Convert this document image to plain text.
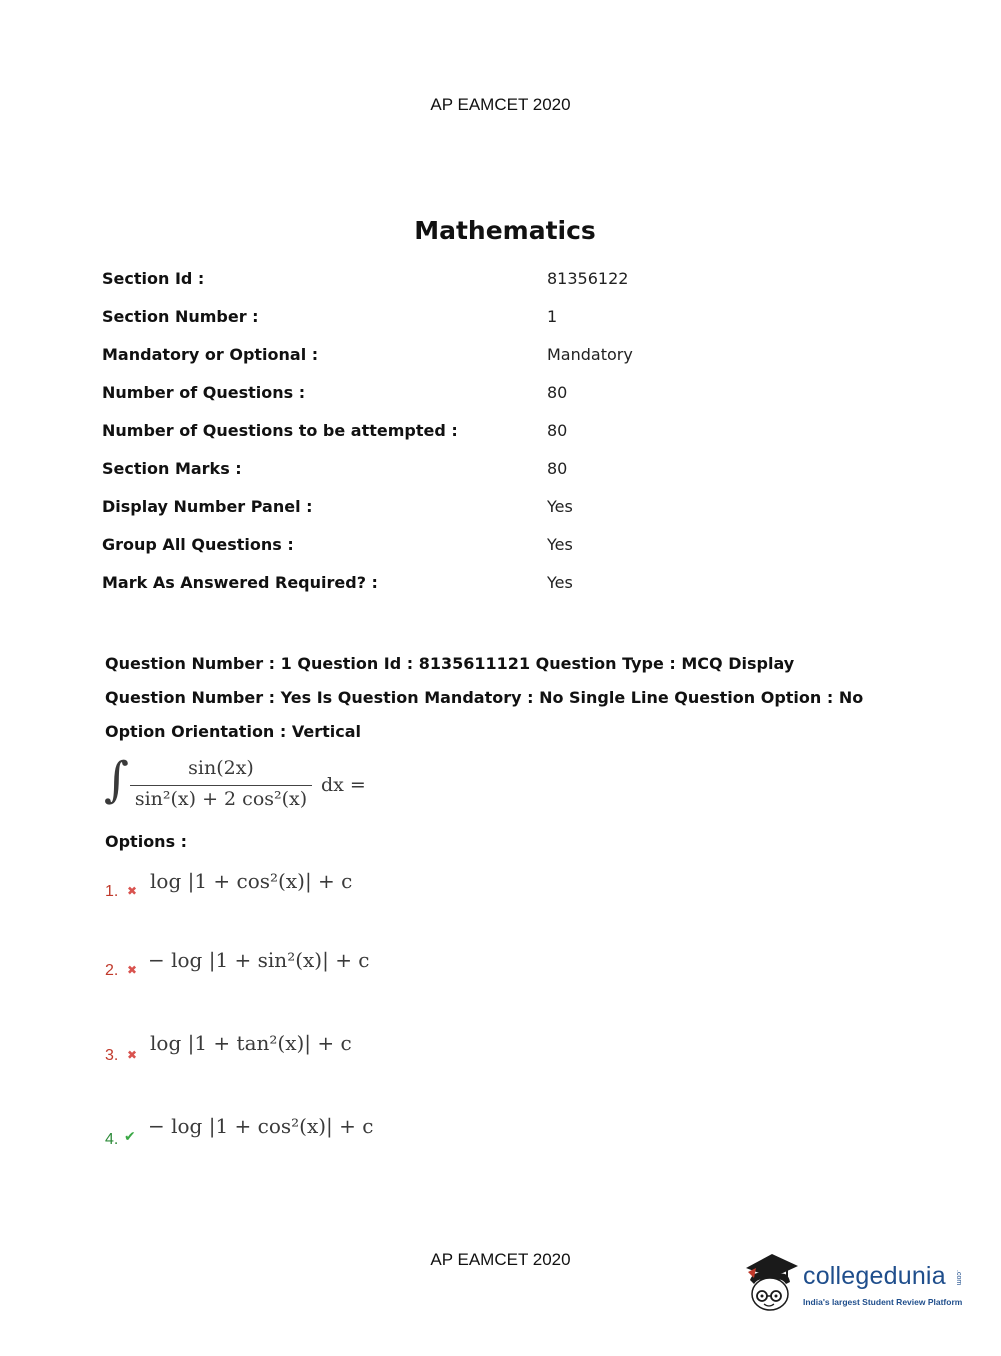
AP EAMCET 2020
Mathematics
Section Id :	81356122
Section Number :	1
Mandatory or Optional :	Mandatory
Number of Questions :	80
Number of Questions to be attempted :	80
Section Marks :	80
Display Number Panel :	Yes
Group All Questions :	Yes
Mark As Answered Required? :	Yes
Question Number : 1 Question Id : 8135611121 Question Type : MCQ Display Question Number : Yes Is Question Mandatory : No Single Line Question Option : No Option Orientation : Vertical
∫	sin(2x)
sin²(x) + 2 cos²(x)
dx =
Options :
1. ✖ log |1 + cos²(x)| + c
2. ✖ − log |1 + sin²(x)| + c
3. ✖ log |1 + tan²(x)| + c
4. ✔ − log |1 + cos²(x)| + c
AP EAMCET 2020
collegedunia
India's largest Student Review Platform
.com
